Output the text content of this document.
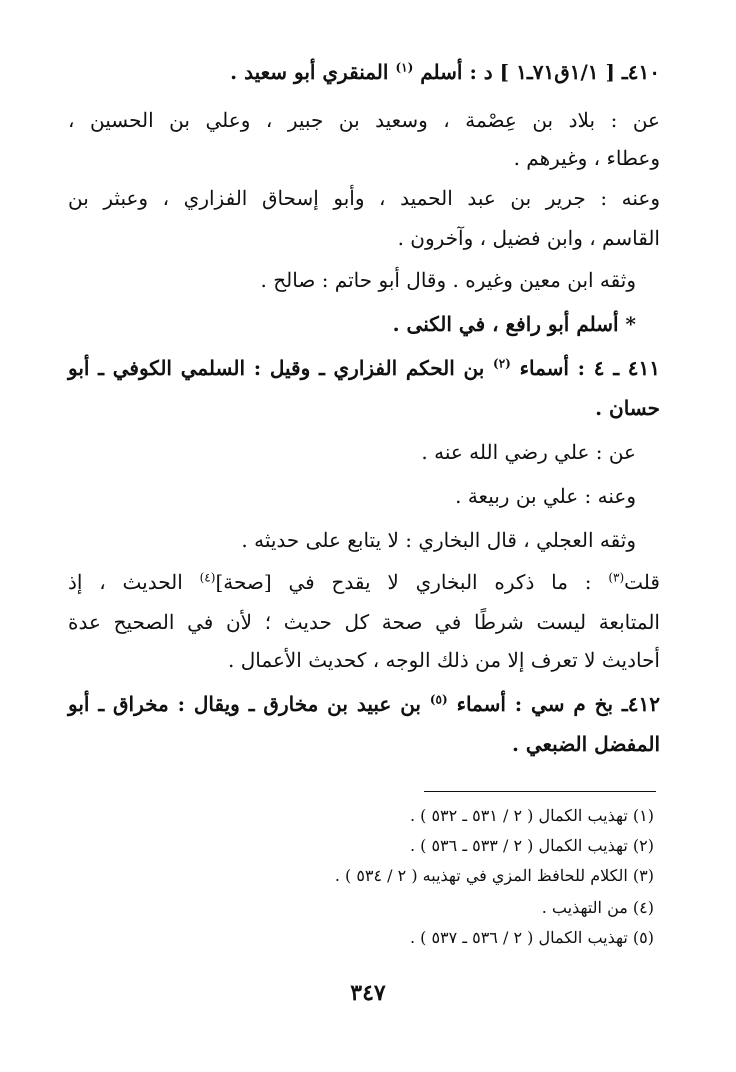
٤١٠ـ [ ١/١ق٧١ـ١ ] د : أسلم $^{(١)}$ المنقري أبو سعيد .
عن : بلاد بن عِصْمة ، وسعيد بن جبير ، وعلي بن الحسين ،
وعطاء ، وغيرهم .
وعنه : جرير بن عبد الحميد ، وأبو إسحاق الفزاري ، وعبثر بن
القاسم ، وابن فضيل ، وآخرون .
وثقه ابن معين وغيره . وقال أبو حاتم : صالح .
* أسلم أبو رافع ، في الكنى .
٤١١ ـ ٤ : أسماء $^{(٢)}$ بن الحكم الفزاري ـ وقيل : السلمي الكوفي ـ أبو
حسان .
عن : علي رضي الله عنه .
وعنه : علي بن ربيعة .
وثقه العجلي ، قال البخاري : لا يتابع على حديثه .
قلت$^{(٣)}$ : ما ذكره البخاري لا يقدح في [صحة]$^{(٤)}$ الحديث ، إذ
المتابعة ليست شرطًا في صحة كل حديث ؛ لأن في الصحيح عدة
أحاديث لا تعرف إلا من ذلك الوجه ، كحديث الأعمال .
٤١٢ـ بخ م سي : أسماء $^{(٥)}$ بن عبيد بن مخارق ـ ويقال : مخراق ـ أبو
المفضل الضبعي .
(١) تهذيب الكمال ( ٢ / ٥٣١ ـ ٥٣٢ ) .
(٢) تهذيب الكمال ( ٢ / ٥٣٣ ـ ٥٣٦ ) .
(٣) الكلام للحافظ المزي في تهذيبه ( ٢ / ٥٣٤ ) .
(٤) من التهذيب .
(٥) تهذيب الكمال ( ٢ / ٥٣٦ ـ ٥٣٧ ) .
٣٤٧
